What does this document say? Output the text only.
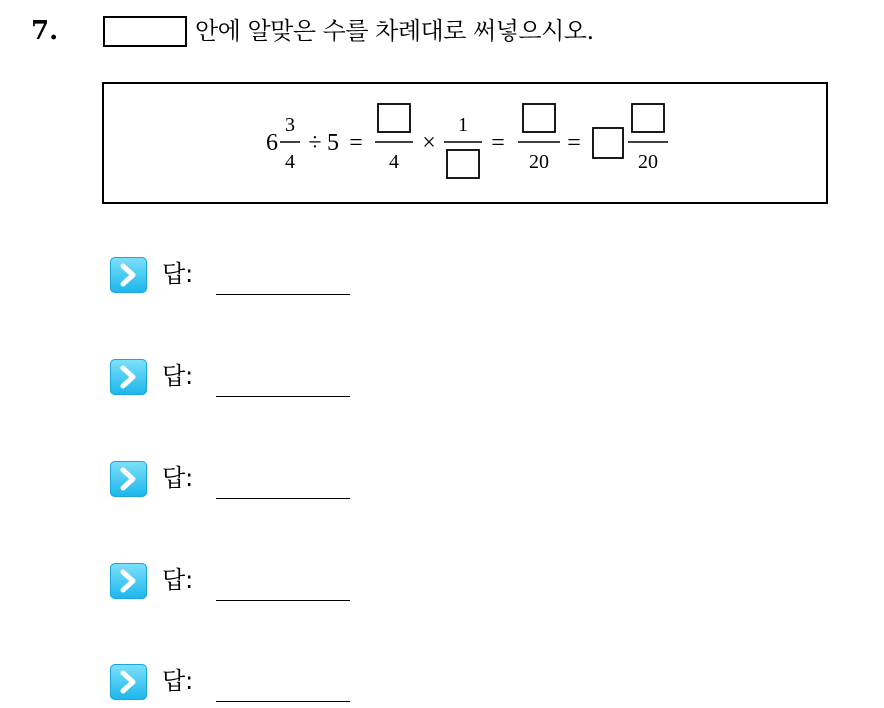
7.	안에 알맞은 수를 차례대로 써넣으시오.
6
3
4
÷ 5 =
4
×
1
=
20
=
20
답:
답:
답:
답:
답:
